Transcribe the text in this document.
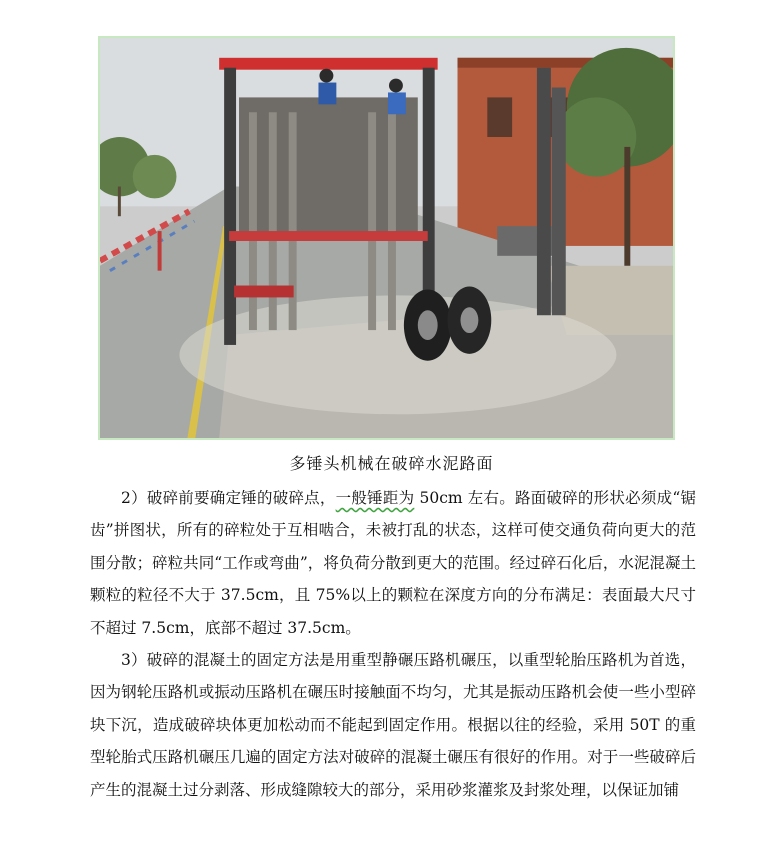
多锤头机械在破碎水泥路面

2）破碎前要确定锤的破碎点，一般锤距为 50cm 左右。路面破碎的形状必须成“锯齿”拼图状，所有的碎粒处于互相啮合，未被打乱的状态，这样可使交通负荷向更大的范围分散；碎粒共同“工作或弯曲”，将负荷分散到更大的范围。经过碎石化后，水泥混凝土颗粒的粒径不大于 37.5cm，且 75%以上的颗粒在深度方向的分布满足：表面最大尺寸不超过 7.5cm，底部不超过 37.5cm。

3）破碎的混凝土的固定方法是用重型静碾压路机碾压，以重型轮胎压路机为首选，因为钢轮压路机或振动压路机在碾压时接触面不均匀，尤其是振动压路机会使一些小型碎块下沉，造成破碎块体更加松动而不能起到固定作用。根据以往的经验，采用 50T 的重型轮胎式压路机碾压几遍的固定方法对破碎的混凝土碾压有很好的作用。对于一些破碎后产生的混凝土过分剥落、形成缝隙较大的部分，采用砂浆灌浆及封浆处理，以保证加铺
